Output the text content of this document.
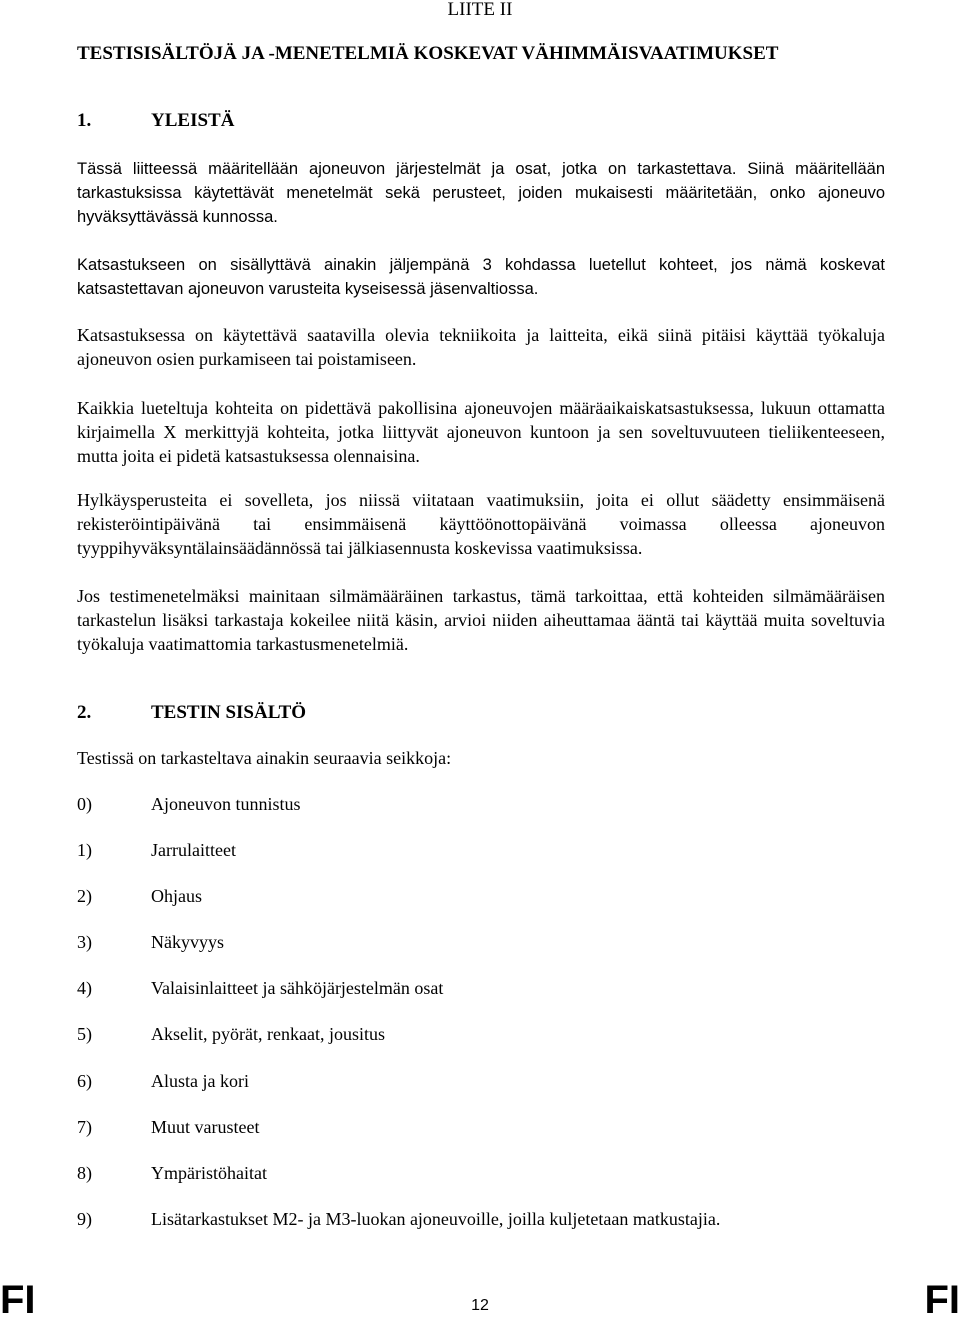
LIITE II
TESTISISÄLTÖJÄ JA -MENETELMIÄ KOSKEVAT VÄHIMMÄISVAATIMUKSET
1.	YLEISTÄ
Tässä liitteessä määritellään ajoneuvon järjestelmät ja osat, jotka on tarkastettava. Siinä määritellään tarkastuksissa käytettävät menetelmät sekä perusteet, joiden mukaisesti määritetään, onko ajoneuvo hyväksyttävässä kunnossa.
Katsastukseen on sisällyttävä ainakin jäljempänä 3 kohdassa luetellut kohteet, jos nämä koskevat katsastettavan ajoneuvon varusteita kyseisessä jäsenvaltiossa.
Katsastuksessa on käytettävä saatavilla olevia tekniikoita ja laitteita, eikä siinä pitäisi käyttää työkaluja ajoneuvon osien purkamiseen tai poistamiseen.
Kaikkia lueteltuja kohteita on pidettävä pakollisina ajoneuvojen määräaikaiskatsastuksessa, lukuun ottamatta kirjaimella X merkittyjä kohteita, jotka liittyvät ajoneuvon kuntoon ja sen soveltuvuuteen tieliikenteeseen, mutta joita ei pidetä katsastuksessa olennaisina.
Hylkäysperusteita ei sovelleta, jos niissä viitataan vaatimuksiin, joita ei ollut säädetty ensimmäisenä rekisteröintipäivänä tai ensimmäisenä käyttöönottopäivänä voimassa olleessa ajoneuvon tyyppihyväksyntälainsäädännössä tai jälkiasennusta koskevissa vaatimuksissa.
Jos testimenetelmäksi mainitaan silmämääräinen tarkastus, tämä tarkoittaa, että kohteiden silmämääräisen tarkastelun lisäksi tarkastaja kokeilee niitä käsin, arvioi niiden aiheuttamaa ääntä tai käyttää muita soveltuvia työkaluja vaatimattomia tarkastusmenetelmiä.
2.	TESTIN SISÄLTÖ
Testissä on tarkasteltava ainakin seuraavia seikkoja:
0)	Ajoneuvon tunnistus
1)	Jarrulaitteet
2)	Ohjaus
3)	Näkyvyys
4)	Valaisinlaitteet ja sähköjärjestelmän osat
5)	Akselit, pyörät, renkaat, jousitus
6)	Alusta ja kori
7)	Muut varusteet
8)	Ympäristöhaitat
9)	Lisätarkastukset M2- ja M3-luokan ajoneuvoille, joilla kuljetetaan matkustajia.
FI	12	FI
